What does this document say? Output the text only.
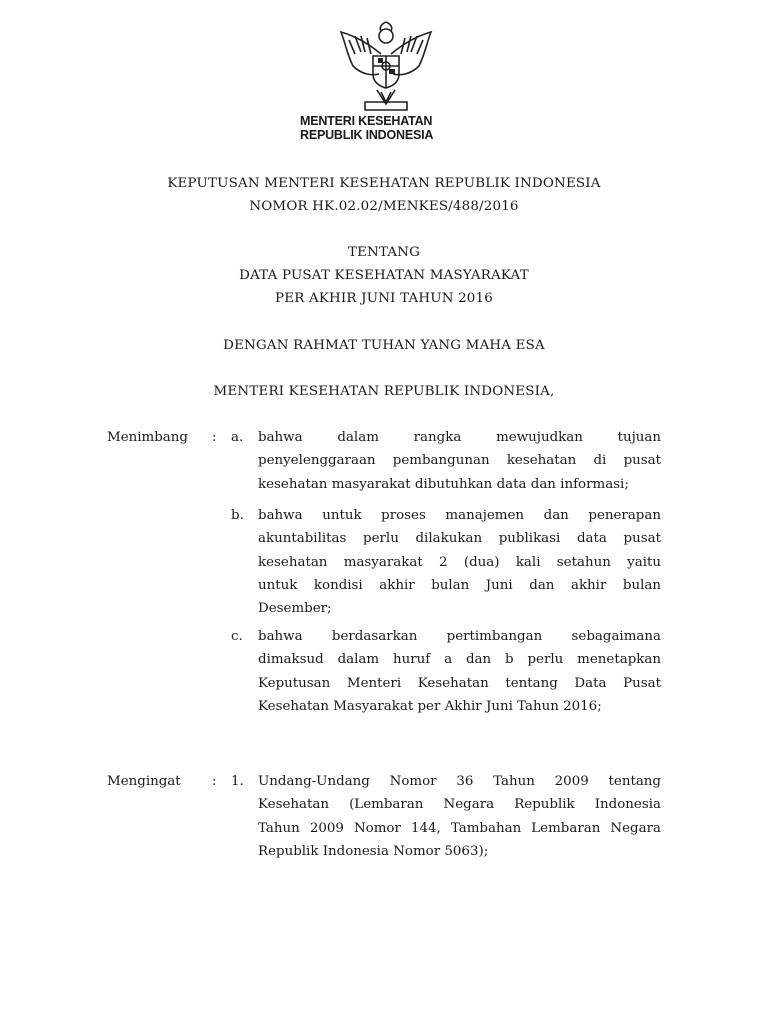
MENTERI KESEHATAN
REPUBLIK INDONESIA
KEPUTUSAN MENTERI KESEHATAN REPUBLIK INDONESIA
NOMOR HK.02.02/MENKES/488/2016
TENTANG
DATA PUSAT KESEHATAN MASYARAKAT
PER AKHIR JUNI TAHUN 2016
DENGAN RAHMAT TUHAN YANG MAHA ESA
MENTERI KESEHATAN REPUBLIK INDONESIA,
Menimbang : a. bahwa dalam rangka mewujudkan tujuan
penyelenggaraan pembangunan kesehatan di pusat
kesehatan masyarakat dibutuhkan data dan informasi;
b. bahwa untuk proses manajemen dan penerapan
akuntabilitas perlu dilakukan publikasi data pusat
kesehatan masyarakat 2 (dua) kali setahun yaitu
untuk kondisi akhir bulan Juni dan akhir bulan
Desember;
c. bahwa berdasarkan pertimbangan sebagaimana
dimaksud dalam huruf a dan b perlu menetapkan
Keputusan Menteri Kesehatan tentang Data Pusat
Kesehatan Masyarakat per Akhir Juni Tahun 2016;
Mengingat : 1. Undang-Undang Nomor 36 Tahun 2009 tentang
Kesehatan (Lembaran Negara Republik Indonesia
Tahun 2009 Nomor 144, Tambahan Lembaran Negara
Republik Indonesia Nomor 5063);
